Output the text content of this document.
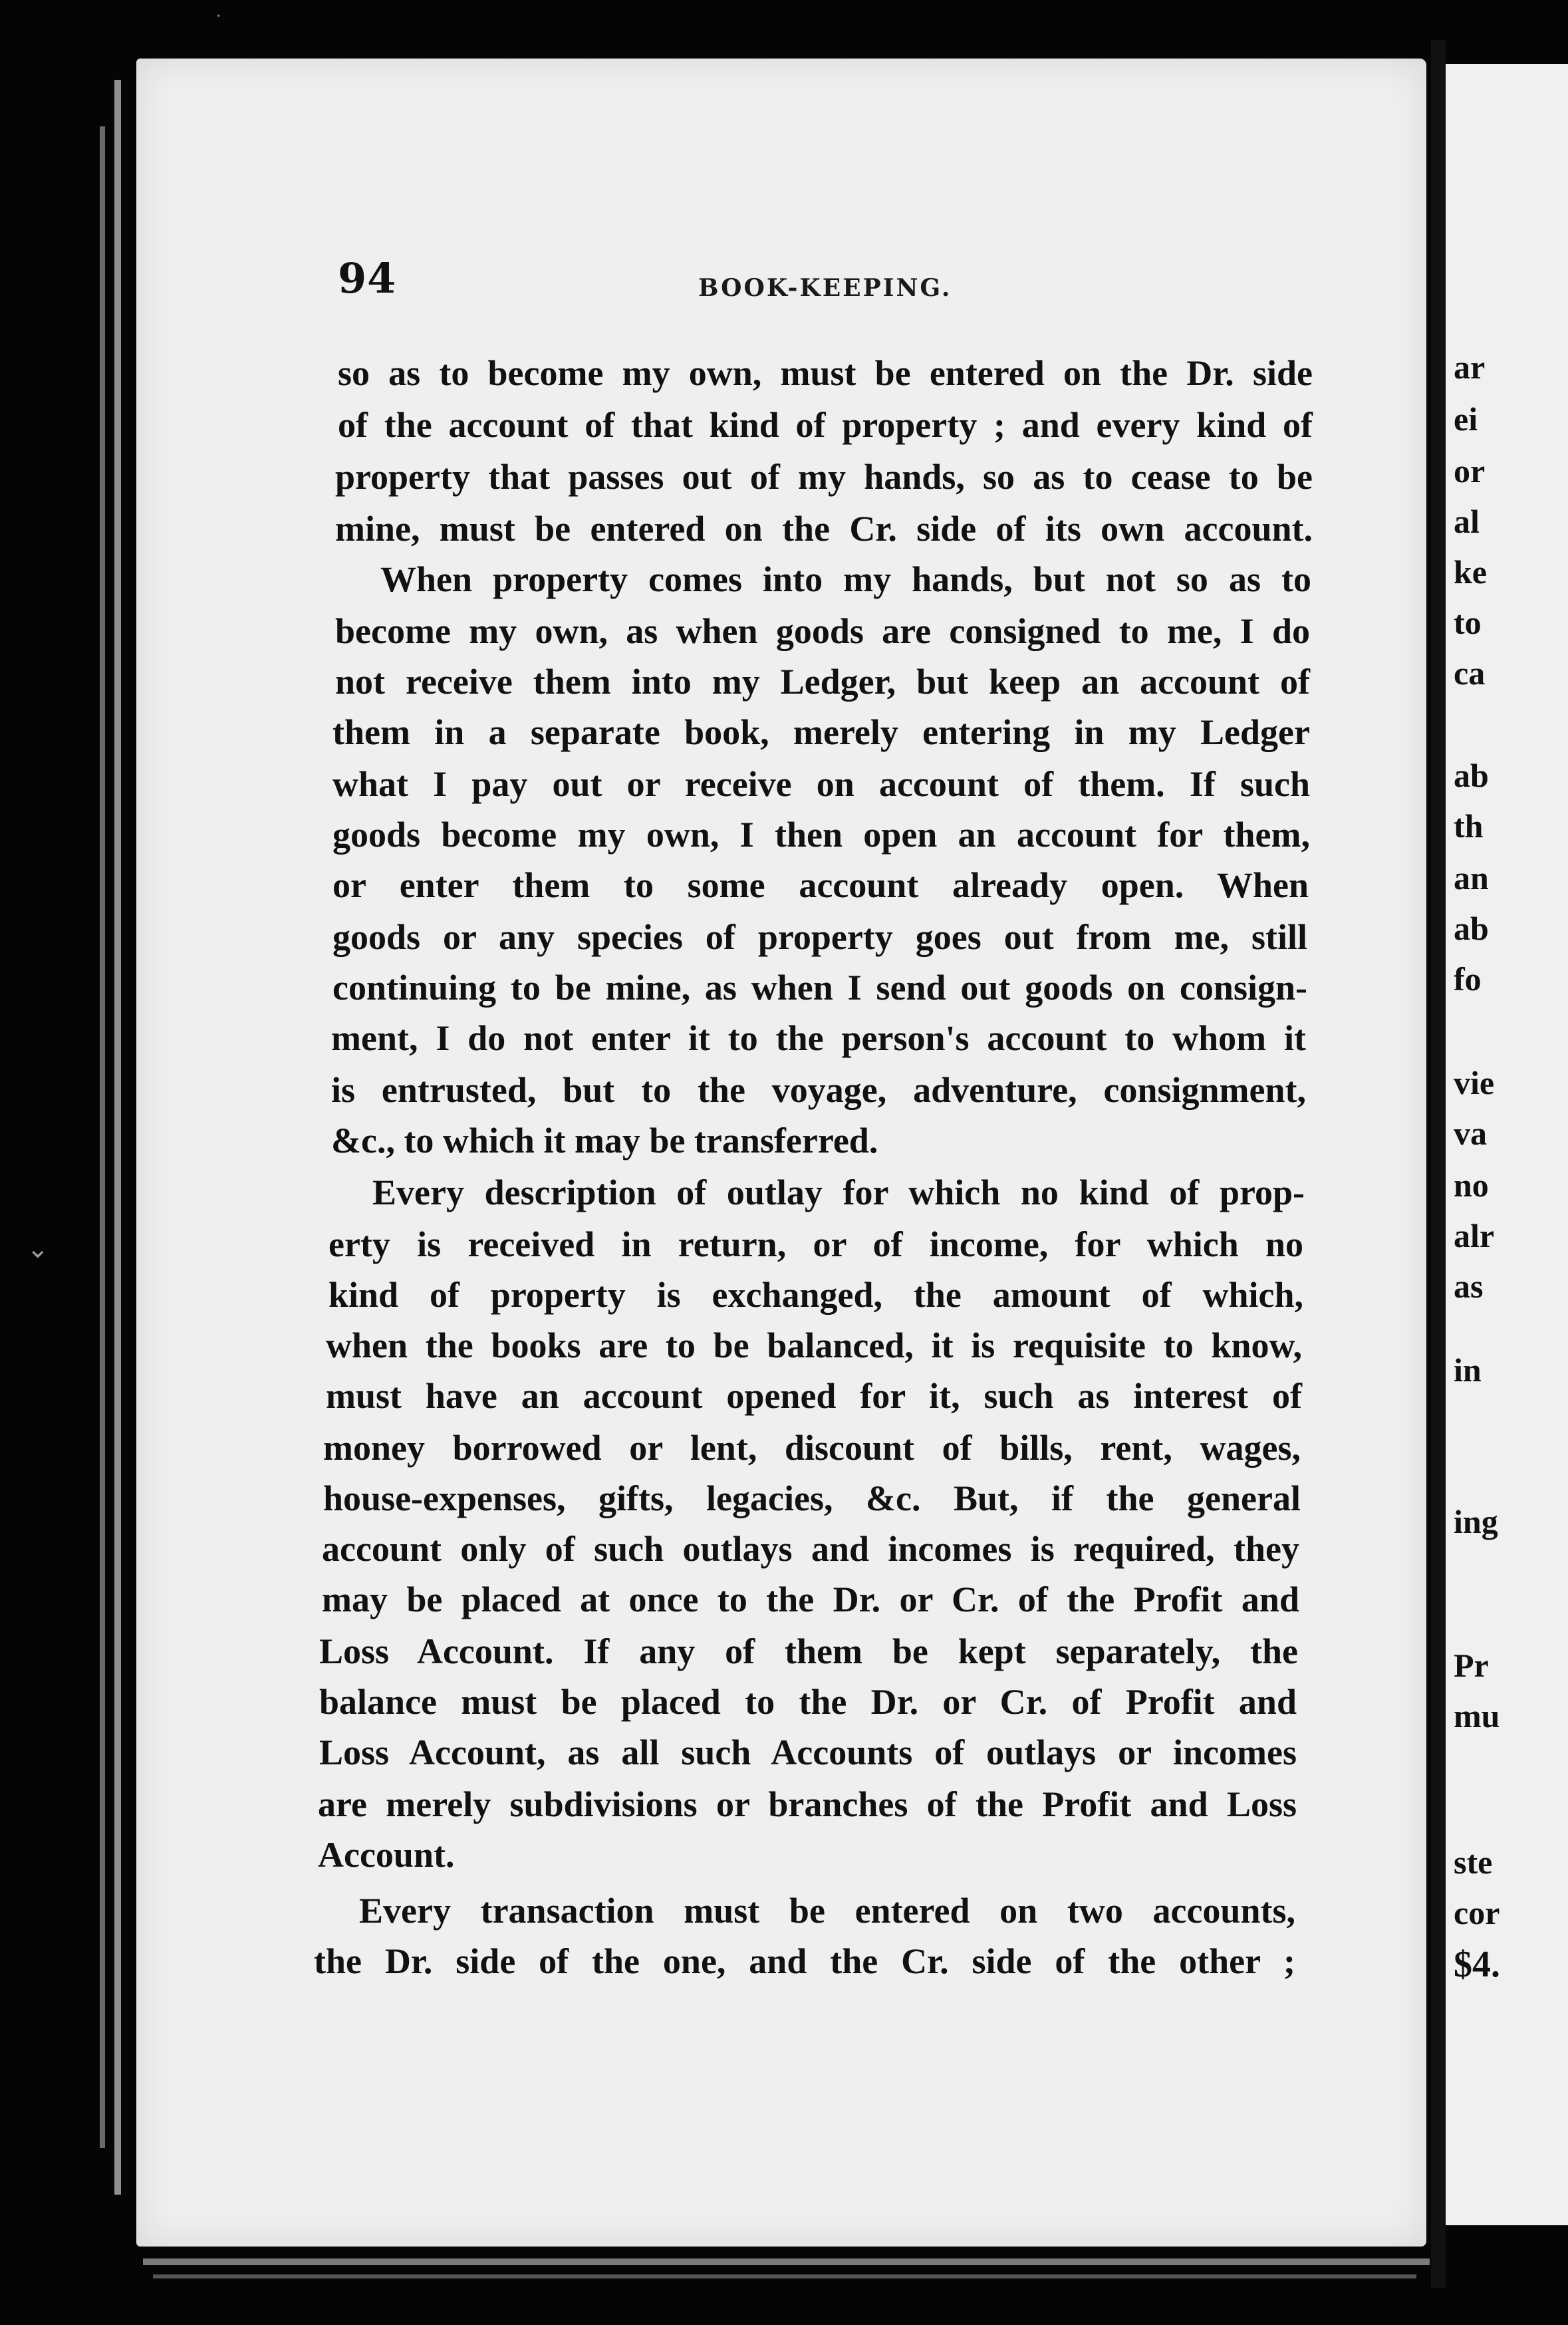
⌄
·
94	BOOK-KEEPING.
so as to become my own, must be entered on the Dr. side
of the account of that kind of property ; and every kind of
property that passes out of my hands, so as to cease to be
mine, must be entered on the Cr. side of its own account.
When property comes into my hands, but not so as to
become my own, as when goods are consigned to me, I do
not receive them into my Ledger, but keep an account of
them in a separate book, merely entering in my Ledger
what I pay out or receive on account of them. If such
goods become my own, I then open an account for them,
or enter them to some account already open. When
goods or any species of property goes out from me, still
continuing to be mine, as when I send out goods on consign-
ment, I do not enter it to the person's account to whom it
is entrusted, but to the voyage, adventure, consignment,
&c., to which it may be transferred.
Every description of outlay for which no kind of prop-
erty is received in return, or of income, for which no
kind of property is exchanged, the amount of which,
when the books are to be balanced, it is requisite to know,
must have an account opened for it, such as interest of
money borrowed or lent, discount of bills, rent, wages,
house-expenses, gifts, legacies, &c. But, if the general
account only of such outlays and incomes is required, they
may be placed at once to the Dr. or Cr. of the Profit and
Loss Account. If any of them be kept separately, the
balance must be placed to the Dr. or Cr. of Profit and
Loss Account, as all such Accounts of outlays or incomes
are merely subdivisions or branches of the Profit and Loss
Account.
Every transaction must be entered on two accounts,
the Dr. side of the one, and the Cr. side of the other ;
ar
ei
or
al
ke
to
ca
ab
th
an
ab
fo
vie
va
no
alr
as
in
ing
Pr
mu
ste
cor
$4.
